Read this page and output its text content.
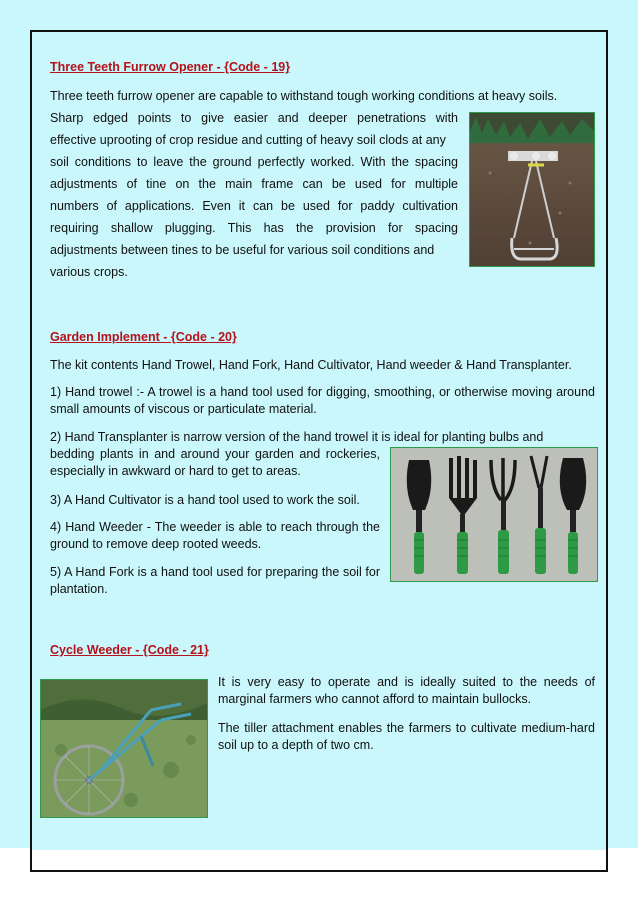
Three Teeth Furrow Opener - {Code - 19}
Three teeth furrow opener are capable to withstand tough working conditions at heavy soils.
Sharp edged points to give easier and deeper penetrations with
effective uprooting of crop residue and cutting of heavy soil clods at any
soil conditions to leave the ground perfectly worked. With the spacing
adjustments of tine on the main frame can be used for multiple
numbers of applications. Even it can be used for paddy cultivation
requiring shallow plugging. This has the provision for spacing
adjustments between tines to be useful for various soil conditions and
various crops.
Garden Implement - {Code - 20}
The kit contents Hand Trowel, Hand Fork, Hand Cultivator, Hand weeder & Hand Transplanter.
1) Hand trowel :- A trowel is a hand tool used for digging, smoothing, or otherwise moving around small amounts of viscous or particulate material.
2) Hand Transplanter is narrow version of the hand trowel it is ideal for planting bulbs and
bedding plants in and around your garden and rockeries, especially in awkward or hard to get to areas.
3) A Hand Cultivator is a hand tool used to work the soil.
4) Hand Weeder - The weeder is able to reach through the ground to remove deep rooted weeds.
5) A Hand Fork is a hand tool used for preparing the soil for plantation.
Cycle Weeder - {Code - 21}
It is very easy to operate and is ideally suited to the needs of marginal farmers who cannot afford to maintain bullocks.
The tiller attachment enables the farmers to cultivate medium-hard soil up to a depth of two cm.
